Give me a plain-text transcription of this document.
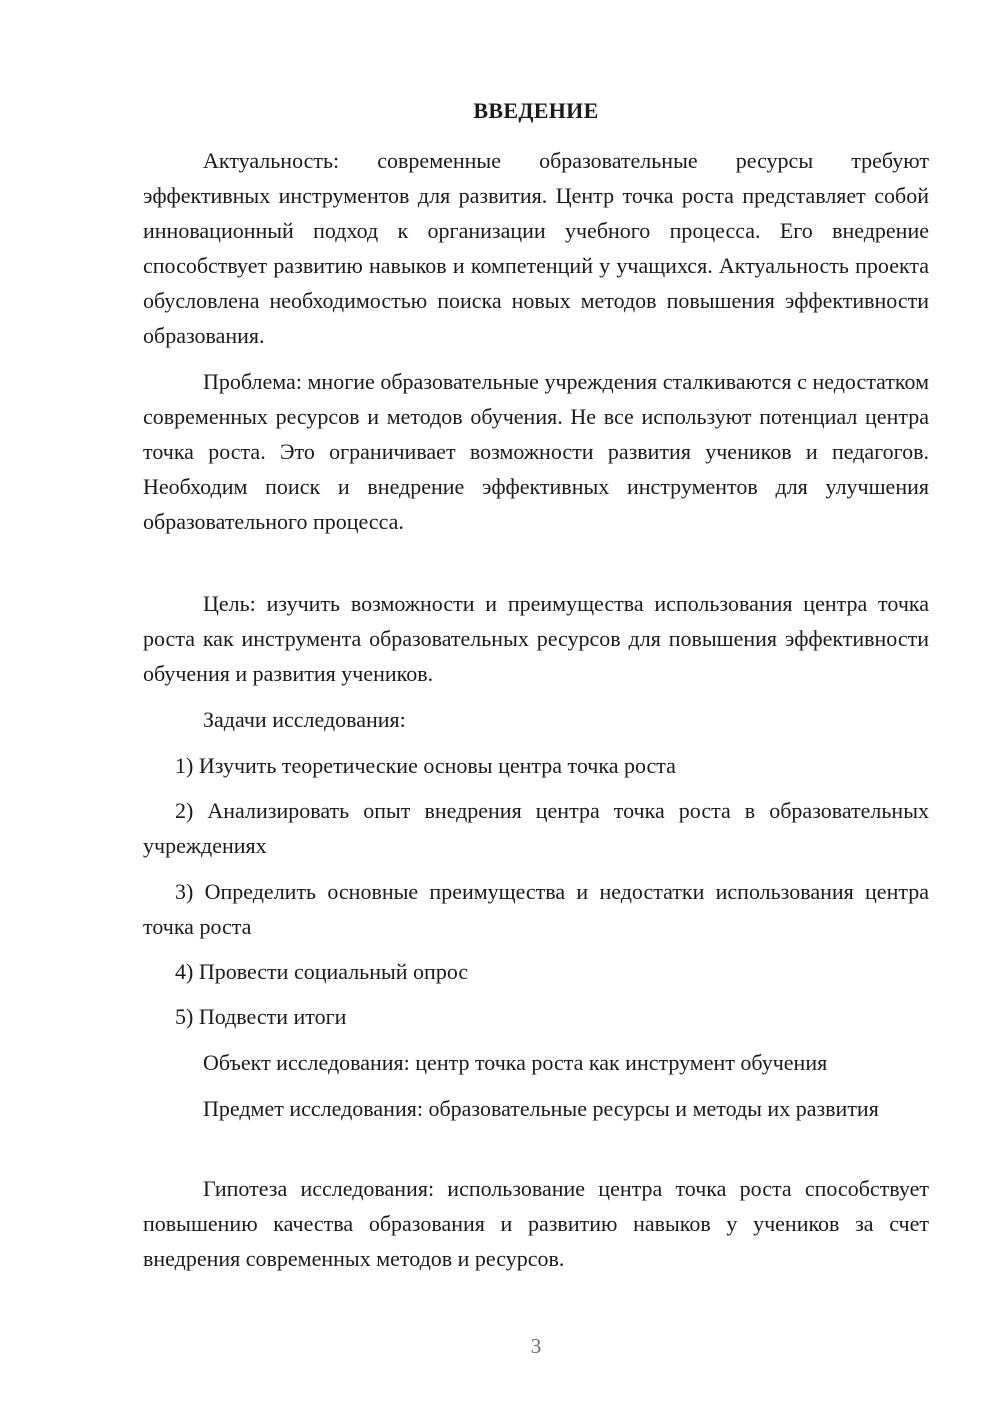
ВВЕДЕНИЕ

Актуальность: современные образовательные ресурсы требуют эффективных инструментов для развития. Центр точка роста представляет собой инновационный подход к организации учебного процесса. Его внедрение способствует развитию навыков и компетенций у учащихся. Актуальность проекта обусловлена необходимостью поиска новых методов повышения эффективности образования.

Проблема: многие образовательные учреждения сталкиваются с недостатком современных ресурсов и методов обучения. Не все используют потенциал центра точка роста. Это ограничивает возможности развития учеников и педагогов. Необходим поиск и внедрение эффективных инструментов для улучшения образовательного процесса.

Цель: изучить возможности и преимущества использования центра точка роста как инструмента образовательных ресурсов для повышения эффективности обучения и развития учеников.

Задачи исследования:

1) Изучить теоретические основы центра точка роста

2) Анализировать опыт внедрения центра точка роста в образовательных учреждениях

3) Определить основные преимущества и недостатки использования центра точка роста

4) Провести социальный опрос

5) Подвести итоги

Объект исследования: центр точка роста как инструмент обучения

Предмет исследования: образовательные ресурсы и методы их развития

Гипотеза исследования: использование центра точка роста способствует повышению качества образования и развитию навыков у учеников за счет внедрения современных методов и ресурсов.

3
